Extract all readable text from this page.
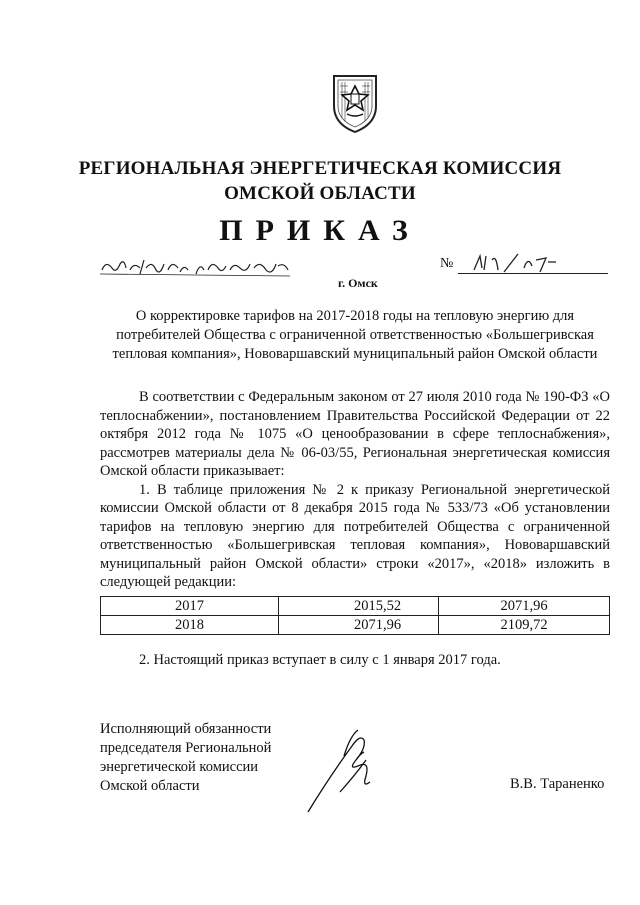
РЕГИОНАЛЬНАЯ ЭНЕРГЕТИЧЕСКАЯ КОМИССИЯ
ОМСКОЙ ОБЛАСТИ
ПРИКАЗ
г. Омск
№
О корректировке тарифов на 2017-2018 годы на тепловую энергию для потребителей Общества с ограниченной ответственностью «Большегривская тепловая компания», Нововаршавский муниципальный район Омской области

В соответствии с Федеральным законом от 27 июля 2010 года № 190-ФЗ «О теплоснабжении», постановлением Правительства Российской Федерации от 22 октября 2012 года № 1075 «О ценообразовании в сфере теплоснабжения», рассмотрев материалы дела № 06-03/55, Региональная энергетическая комиссия Омской области приказывает:

1. В таблице приложения № 2 к приказу Региональной энергетической комиссии Омской области от 8 декабря 2015 года № 533/73 «Об установлении тарифов на тепловую энергию для потребителей Общества с ограниченной ответственностью «Большегривская тепловая компания», Нововаршавский муниципальный район Омской области» строки «2017», «2018» изложить в следующей редакции:

2017	2015,52	2071,96
2018	2071,96	2109,72
2. Настоящий приказ вступает в силу с 1 января 2017 года.
Исполняющий обязанности
председателя Региональной
энергетической комиссии
Омской области	В.В. Тараненко
